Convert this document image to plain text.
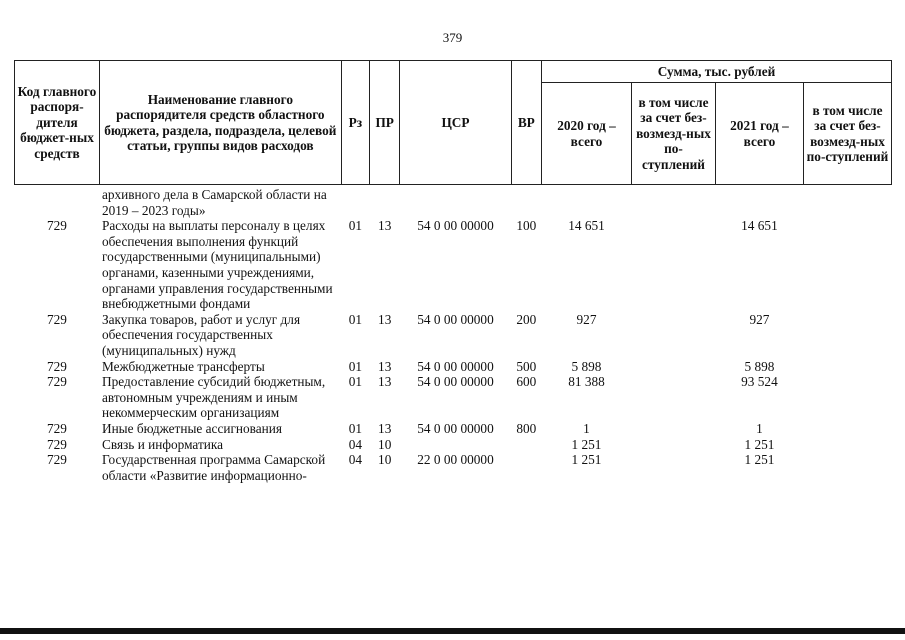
379
Код главного распоря-дителя бюджет-ных средств	Наименование главного распорядителя средств областного бюджета, раздела, подраздела, целевой статьи, группы видов расходов	Рз	ПР	ЦСР	ВР	Сумма, тыс. рублей			
						2020 год – всего	в том числе за счет без-возмезд-ных по-ступлений	2021 год – всего	в том числе за счет без-возмезд-ных по-ступлений
	архивного дела в Самарской области на 2019 – 2023 годы»								
729	Расходы на выплаты персоналу в целях обеспечения выполнения функций государственными (муниципальными) органами, казенными учреждениями, органами управления государственными внебюджетными фондами	01	13	54 0 00 00000	100	14 651		14 651	
729	Закупка товаров, работ и услуг для обеспечения государственных (муниципальных) нужд	01	13	54 0 00 00000	200	927		927	
729	Межбюджетные трансферты	01	13	54 0 00 00000	500	5 898		5 898	
729	Предоставление субсидий бюджетным, автономным учреждениям и иным некоммерческим организациям	01	13	54 0 00 00000	600	81 388		93 524	
729	Иные бюджетные ассигнования	01	13	54 0 00 00000	800	1		1	
729	Связь и информатика	04	10			1 251		1 251	
729	Государственная программа Самарской области «Развитие информационно-	04	10	22 0 00 00000		1 251		1 251	
